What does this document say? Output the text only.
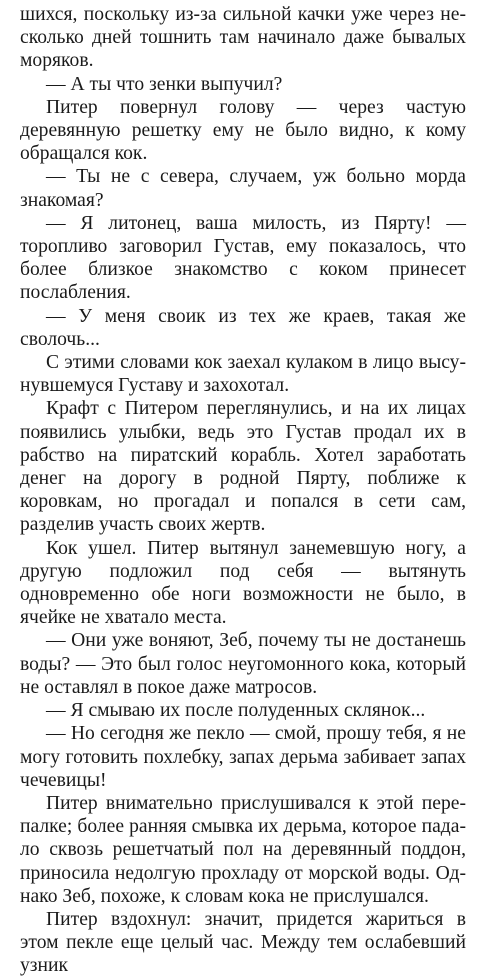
шихся, поскольку из-за сильной качки уже через несколько дней тошнить там начинало даже бывалых моряков.

— А ты что зенки выпучил?

Питер повернул голову — через частую деревянную решетку ему не было видно, к кому обращался кок.

— Ты не с севера, случаем, уж больно морда знакомая?

— Я литонец, ваша милость, из Пярту! — торопливо заговорил Густав, ему показалось, что более близкое знакомство с коком принесет послабления.

— У меня своик из тех же краев, такая же сволочь...

С этими словами кок заехал кулаком в лицо высунувшемуся Густаву и захохотал.

Крафт с Питером переглянулись, и на их лицах появились улыбки, ведь это Густав продал их в рабство на пиратский корабль. Хотел заработать денег на дорогу в родной Пярту, поближе к коровкам, но прогадал и попался в сети сам, разделив участь своих жертв.

Кок ушел. Питер вытянул занемевшую ногу, а другую подложил под себя — вытянуть одновременно обе ноги возможности не было, в ячейке не хватало места.

— Они уже воняют, Зеб, почему ты не достанешь воды? — Это был голос неугомонного кока, который не оставлял в покое даже матросов.

— Я смываю их после полуденных склянок...

— Но сегодня же пекло — смой, прошу тебя, я не могу готовить похлебку, запах дерьма забивает запах чечевицы!

Питер внимательно прислушивался к этой перепалке; более ранняя смывка их дерьма, которое падало сквозь решетчатый пол на деревянный поддон, приносила недолгую прохладу от морской воды. Однако Зеб, похоже, к словам кока не прислушался.

Питер вздохнул: значит, придется жариться в этом пекле еще целый час. Между тем ослабевший узник
